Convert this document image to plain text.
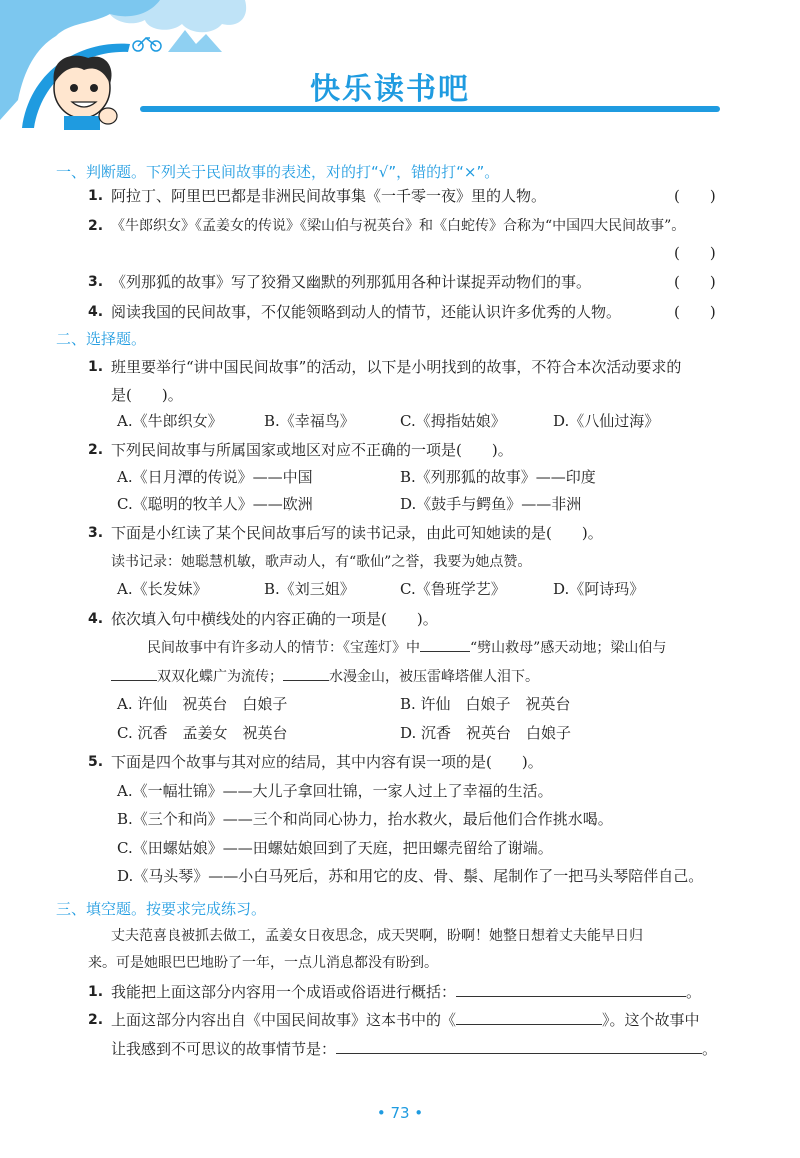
快乐读书吧
一、判断题。下列关于民间故事的表述，对的打“√”，错的打“×”。
1. 阿拉丁、阿里巴巴都是非洲民间故事集《一千零一夜》里的人物。	(　　)
2. 《牛郎织女》《孟姜女的传说》《梁山伯与祝英台》和《白蛇传》合称为“中国四大民间故事”。
(　　)
3. 《列那狐的故事》写了狡猾又幽默的列那狐用各种计谋捉弄动物们的事。	(　　)
4. 阅读我国的民间故事，不仅能领略到动人的情节，还能认识许多优秀的人物。	(　　)
二、选择题。
1. 班里要举行“讲中国民间故事”的活动，以下是小明找到的故事，不符合本次活动要求的
是(　　)。
A.《牛郎织女》	B.《幸福鸟》	C.《拇指姑娘》	D.《八仙过海》
2. 下列民间故事与所属国家或地区对应不正确的一项是(　　)。
A.《日月潭的传说》——中国	B.《列那狐的故事》——印度
C.《聪明的牧羊人》——欧洲	D.《鼓手与鳄鱼》——非洲
3. 下面是小红读了某个民间故事后写的读书记录，由此可知她读的是(　　)。
读书记录：她聪慧机敏，歌声动人，有“歌仙”之誉，我要为她点赞。
A.《长发妹》	B.《刘三姐》	C.《鲁班学艺》	D.《阿诗玛》
4. 依次填入句中横线处的内容正确的一项是(　　)。
民间故事中有许多动人的情节：《宝莲灯》中	“劈山救母”感天动地；梁山伯与
双双化蝶广为流传；	水漫金山，被压雷峰塔催人泪下。
A. 许仙　祝英台　白娘子	B. 许仙　白娘子　祝英台
C. 沉香　孟姜女　祝英台	D. 沉香　祝英台　白娘子
5. 下面是四个故事与其对应的结局，其中内容有误一项的是(　　)。
A.《一幅壮锦》——大儿子拿回壮锦，一家人过上了幸福的生活。
B.《三个和尚》——三个和尚同心协力，抬水救火，最后他们合作挑水喝。
C.《田螺姑娘》——田螺姑娘回到了天庭，把田螺壳留给了谢端。
D.《马头琴》——小白马死后，苏和用它的皮、骨、鬃、尾制作了一把马头琴陪伴自己。
三、填空题。按要求完成练习。
丈夫范喜良被抓去做工，孟姜女日夜思念，成天哭啊，盼啊！她整日想着丈夫能早日归
来。可是她眼巴巴地盼了一年，一点儿消息都没有盼到。
1. 我能把上面这部分内容用一个成语或俗语进行概括：	。
2. 上面这部分内容出自《中国民间故事》这本书中的《	》。这个故事中
让我感到不可思议的故事情节是：	。
• 73 •
